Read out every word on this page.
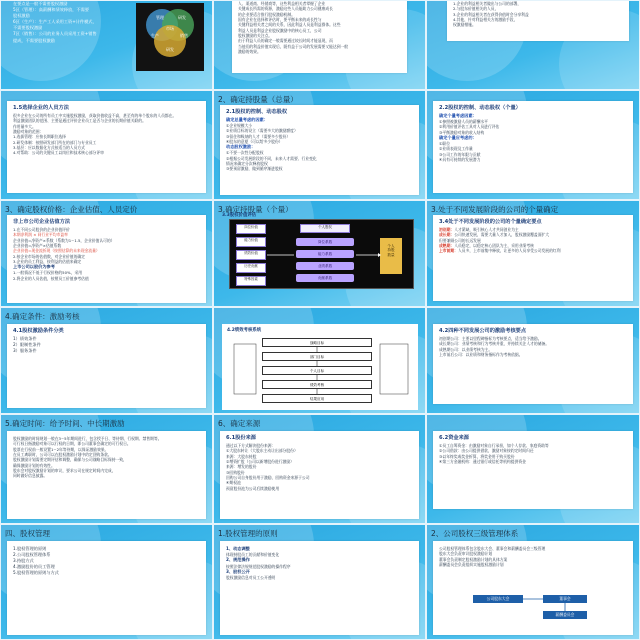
在要点是一般不需要股权激励
5区（管理）：高薪酬和绩效释放，不需要
股权激励
6区（生产）：生产工人采用工资+计件模式，
不需要股权激励
7区（销售）：公司的业务人员采用工资+销售
提成，不需要股权激励
管理	研发
市场
生产	销售
研发
人、渠道商、经销商等，这些利益相关者掌握了企业
关键成长所需的资源，激励这些人员能助力公司健康成长
的企业要适合推行股权激励机制。
国有企业在选择和评估时，要平衡未来的成长性与
关键利益相关者之间的关系，因此利益人员是利益群体。这些
利益人员是利益企业股权激励中的核心员工，公司
股权激励的关注点。
由于利益人员的确定一般需要通过较长时间才能显现，而
当他们的利益价值实现后，既有益于公司的发展需要又能达到一般
激励的效果。
1.企业的利益相关者做出与公司的部署，
2.与股东价值相关的人员，
3.企业的利益相关者在获得价值时会分享利益
4.其他，针对利益相关方的激励手段，
权激励措施。
1.5选择企业的人员方法
很多企业在公司的所有员工中实施股权激励，获取价值收益不高，甚至有的单个股东的人员都在。
利益激励团队的范围、主要是通过评价企业员工是否与企业的长期价值关联的。
作用量多大。
激励对象的范围：
1.选拔管理：应按长期职位选择
2.研发体制：按照研发部门所在的部门与专业员工
3.基层：应以数据化方式按适当的人员方式
4.对帮助：公司的关键员工以岗位和技术核心部分评审
2、确定持股量（总量）
2.1股权的控制、动态股权
确定总量考虑的因素：
①企业规模大小
②业绩目标的设立（需要多大的激励额度）
③留住和吸纳的人才（需要多少股份）
④股东的意愿（可以给多少股份）
动态股权激励：
①不要一次性分配股权
②根据公司发展阶段的不同，未来人才需要、行业变化
情况来确定分次释放股权
③要预留激励，做到循序渐进股权
2.2股权的控制、动态股权（个量）
确定个量考虑因素：
①参照被激励人员的薪酬水平
②利用价值评估工具对人员进行评估
③平衡激励对象的收入结构
确定个量应考虑的：
①职位
②业绩表现及工作量
③公司工作的年限与贡献
④具有可持续的发展潜力
3、确定股权价格：企业估值、人员定价
非上市公司企业估值方法
1.在不同公司股价的企业价值评价
本期净利润 × 同行业平均市盈率
企业价值=净资产×系数（系数为1~1.5，企业价值认可的）
企业价值=净资产×估值系数
企业价值=现金流折现（按照估算的未来现金流量）
2.按企业市场的估值数，对企业价值的确定
3.企业的员工利益，按利益的估值来确定
上市公司以股价为参考
1.一般情况不低于行权价格的50%，采用
2.将企业的人员估值，按照员工价值参考估值
3.确定持股量（个量）
3.3股权价值评估
岗位价值
能力价值
绩效价值
历史贡献
特殊因素
个人股权
岗位系数
能力系数
业绩系数
贡献系数
个人
持股
数量
3.处于不同发展阶段的公司的个量确定
3.4处于不同发展阶段的公司的个量确定要点
初创期：人才紧缺，吸引核心人才共同创业为主
成长期：公司快速发展，需要大量人才加入，股权激励覆盖面扩大
但要兼顾公司的长远发展
成熟期：人员稳定，以稳定核心团队为主，采用业绩考核
上市前期：人员多，上市前集中释放，让更多的人员享受公司发展的红利
4.确定条件：激励考核
4.1股权激励条件分类
1）绩效条件
2）限制性条件
3）服务条件
4.2绩效考核系统
战略目标
部门目标
个人目标
绩效考核
结果应用
4.2四种不同发展公司的激励考核要点
初创期公司：主要以里程碑指标为考核要点，适当给予激励。
成长期公司：业绩考核和行为考核并重，并持续关注人才的储备。
成熟期公司：以业绩考核为主。
上市前后公司：以业绩和财务指标作为考核依据。
5.确定时间：给予时间、中长期激励
股权激励的时间规划一般在3~5年期间进行，包含授予日、等待期、行权期、禁售期等。
可行权日指激励对象可以行权的日期，即公司董事会确定的可行权日。
股票在行权前一般设置1~2年等待期，以保证激励效果。
在员工离职时，公司可以在股权激励计划中约定回购条款。
股权激励计划需要定期评估和调整，确保与公司战略目标保持一致，
确保激励计划的有效性。
股东会对股权激励计划的审议，要求公司在规定时间内完成，
同时做好信息披露。
6、确定来源
6.1股份来源
通过以下方式解决股份来源：
①大股东转让（大股东主动让出部分股份）
来源：大股东持股
②增资扩股（公司以新增股份进行激励）
来源：增发的股份
③回购股份
回购公司自身股份用于激励，回购资金来源于公司
④期权池
预留股份池为公司后续激励使用
6.2资金来源
①员工自筹资金：由激励对象自行承担，如个人存款、家庭资助等
②公司借款：由公司提供借款，激励对象按约定时间归还
③以年终奖或奖金折算，将奖金用于购买股份
④第三方金融机构：通过银行或信托等机构提供资金
四、股权管理
1.股权管理的原则
2.公司股权管理体系
3.持股方式
4.激励股份的员工管理
5.股权管理的原则与方式
1.股权管理的原则
1、动态调整
体现持股员工的贡献和价值变化
2、规范操作
按照法律法规规范股权激励的操作程序
3、股权公开
股权激励信息对员工公开透明
2、公司股权三级管理体系
公司股权管理体系包含股东大会、董事会和薪酬委员会三级管理
股东大会负责审议股权激励计划
董事会负责制定股权激励计划的具体方案
薪酬委员会负责组织实施股权激励计划
公司股东大会	董事会
薪酬委员会
